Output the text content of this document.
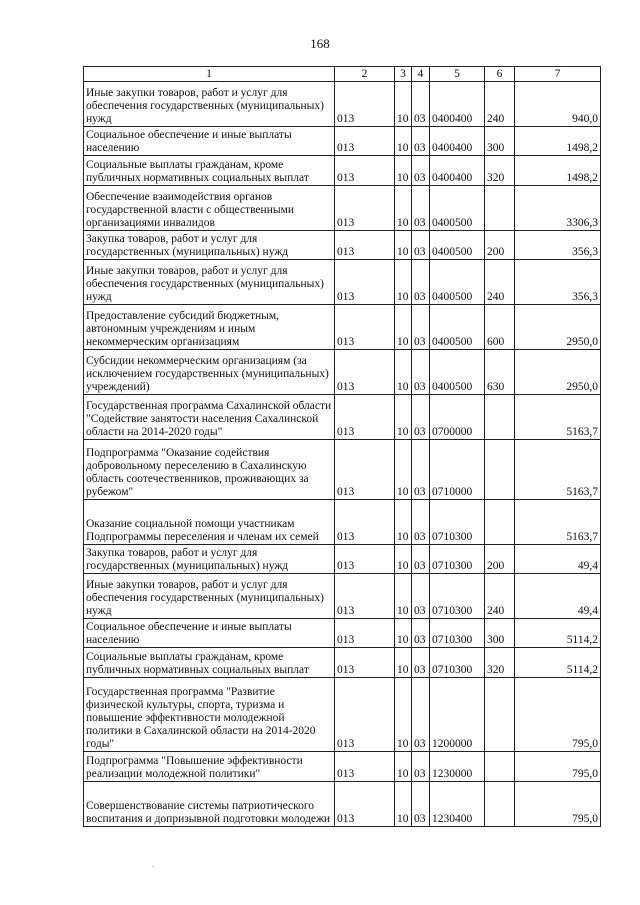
168
1	2	3	4	5	6	7
Иные закупки товаров, работ и услуг для обеспечения государственных (муниципальных) нужд	013	10	03	0400400	240	940,0
Социальное обеспечение и иные выплаты населению	013	10	03	0400400	300	1498,2
Социальные выплаты гражданам, кроме публичных нормативных социальных выплат	013	10	03	0400400	320	1498,2
Обеспечение взаимодействия органов государственной власти с общественными организациями инвалидов	013	10	03	0400500		3306,3
Закупка товаров, работ и услуг для государственных (муниципальных) нужд	013	10	03	0400500	200	356,3
Иные закупки товаров, работ и услуг для обеспечения государственных (муниципальных) нужд	013	10	03	0400500	240	356,3
Предоставление субсидий бюджетным, автономным учреждениям и иным некоммерческим организациям	013	10	03	0400500	600	2950,0
Субсидии некоммерческим организациям (за исключением государственных (муниципальных) учреждений)	013	10	03	0400500	630	2950,0
Государственная программа Сахалинской области "Содействие занятости населения Сахалинской области на 2014-2020 годы"	013	10	03	0700000		5163,7
Подпрограмма "Оказание содействия добровольному переселению в Сахалинскую область соотечественников, проживающих за рубежом"	013	10	03	0710000		5163,7
Оказание социальной помощи участникам Подпрограммы переселения и членам их семей	013	10	03	0710300		5163,7
Закупка товаров, работ и услуг для государственных (муниципальных) нужд	013	10	03	0710300	200	49,4
Иные закупки товаров, работ и услуг для обеспечения государственных (муниципальных) нужд	013	10	03	0710300	240	49,4
Социальное обеспечение и иные выплаты населению	013	10	03	0710300	300	5114,2
Социальные выплаты гражданам, кроме публичных нормативных социальных выплат	013	10	03	0710300	320	5114,2
Государственная программа "Развитие физической культуры, спорта, туризма и повышение эффективности молодежной политики в Сахалинской области на 2014-2020 годы"	013	10	03	1200000		795,0
Подпрограмма "Повышение эффективности реализации молодежной политики"	013	10	03	1230000		795,0
Совершенствование системы патриотического воспитания и допризывной подготовки молодежи	013	10	03	1230400		795,0
.
